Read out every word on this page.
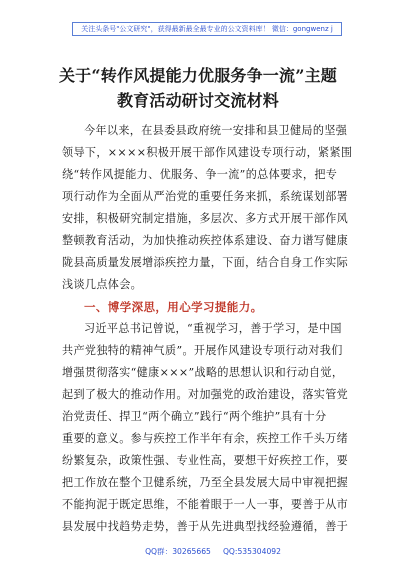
关注头条号"公文研究"，获得最新最全最专业的公文资料库！ 微信：gongwenz j
关于“转作风提能力优服务争一流”主题
教育活动研讨交流材料
今年以来，在县委县政府统一安排和县卫健局的坚强
领导下，××××积极开展干部作风建设专项行动，紧紧围
绕“转作风提能力、优服务、争一流”的总体要求，把专
项行动作为全面从严治党的重要任务来抓，系统谋划部署
安排，积极研究制定措施，多层次、多方式开展干部作风
整顿教育活动，为加快推动疾控体系建设、奋力谱写健康
陇县高质量发展增添疾控力量，下面，结合自身工作实际
浅谈几点体会。
一、博学深思，用心学习提能力。
习近平总书记曾说，“重视学习，善于学习，是中国
共产党独特的精神气质”。开展作风建设专项行动对我们
增强贯彻落实“健康×××”战略的思想认识和行动自觉，
起到了极大的推动作用。对加强党的政治建设，落实管党
治党责任、捍卫“两个确立”践行“两个维护”具有十分
重要的意义。参与疾控工作半年有余，疾控工作千头万绪
纷繁复杂，政策性强、专业性高，要想干好疾控工作，要
把工作放在整个卫健系统，乃至全县发展大局中审视把握
不能拘泥于既定思维，不能着眼于一人一事，要善于从市
县发展中找趋势走势，善于从先进典型找经验遵循，善于
QQ群：30265665 QQ:535304092
